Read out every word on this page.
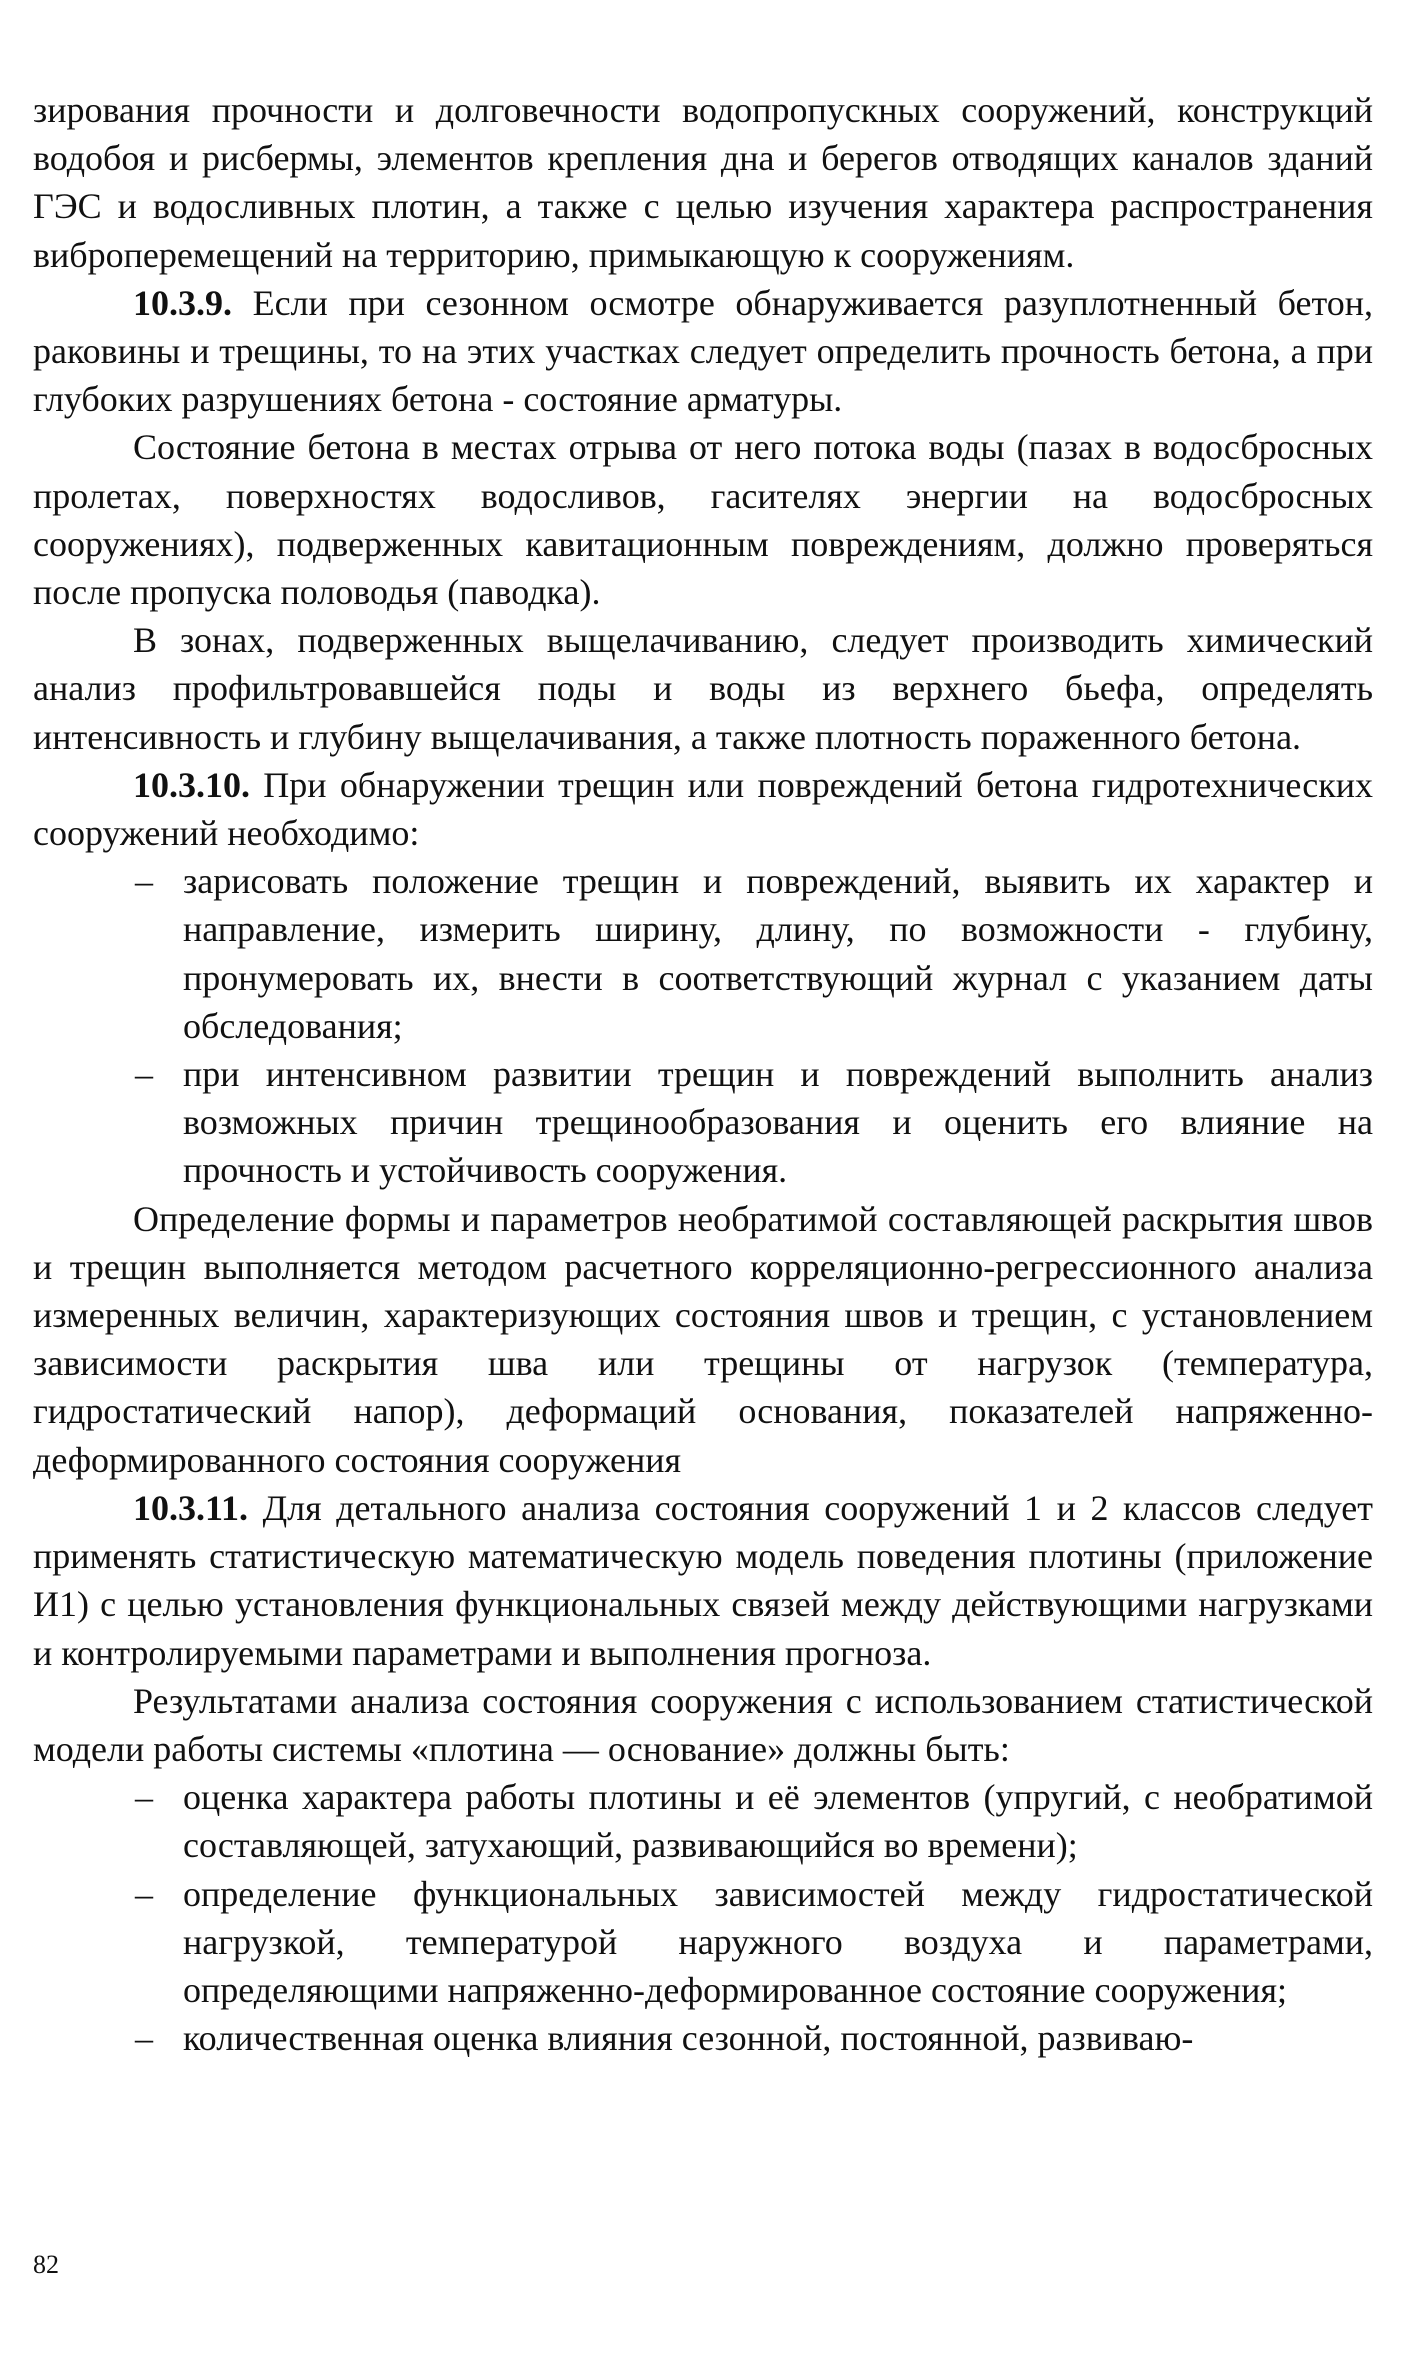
зирования прочности и долговечности водопропускных сооружений, конструкций водобоя и рисбермы, элементов крепления дна и берегов отводящих каналов зданий ГЭС и водосливных плотин, а также с целью изучения характера распространения виброперемещений на территорию, примыкающую к сооружениям.

10.3.9. Если при сезонном осмотре обнаруживается разуплотненный бетон, раковины и трещины, то на этих участках следует определить прочность бетона, а при глубоких разрушениях бетона - состояние арматуры.

Состояние бетона в местах отрыва от него потока воды (пазах в водосбросных пролетах, поверхностях водосливов, гасителях энергии на водосбросных сооружениях), подверженных кавитационным повреждениям, должно проверяться после пропуска половодья (паводка).

В зонах, подверженных выщелачиванию, следует производить химический анализ профильтровавшейся поды и воды из верхнего бьефа, определять интенсивность и глубину выщелачивания, а также плотность пораженного бетона.

10.3.10. При обнаружении трещин или повреждений бетона гидротехнических сооружений необходимо:

– зарисовать положение трещин и повреждений, выявить их характер и направление, измерить ширину, длину, по возможности - глубину, пронумеровать их, внести в соответствующий журнал с указанием даты обследования;
– при интенсивном развитии трещин и повреждений выполнить анализ возможных причин трещинообразования и оценить его влияние на прочность и устойчивость сооружения.

Определение формы и параметров необратимой составляющей раскрытия швов и трещин выполняется методом расчетного корреляционно-регрессионного анализа измеренных величин, характеризующих состояния швов и трещин, с установлением зависимости раскрытия шва или трещины от нагрузок (температура, гидростатический напор), деформаций основания, показателей напряженно-деформированного состояния сооружения

10.3.11. Для детального анализа состояния сооружений 1 и 2 классов следует применять статистическую математическую модель поведения плотины (приложение И1) с целью установления функциональных связей между действующими нагрузками и контролируемыми параметрами и выполнения прогноза.

Результатами анализа состояния сооружения с использованием статистической модели работы системы «плотина — основание» должны быть:

– оценка характера работы плотины и её элементов (упругий, с необратимой составляющей, затухающий, развивающийся во времени);
– определение функциональных зависимостей между гидростатической нагрузкой, температурой наружного воздуха и параметрами, определяющими напряженно-деформированное состояние сооружения;
– количественная оценка влияния сезонной, постоянной, развиваю-
82
